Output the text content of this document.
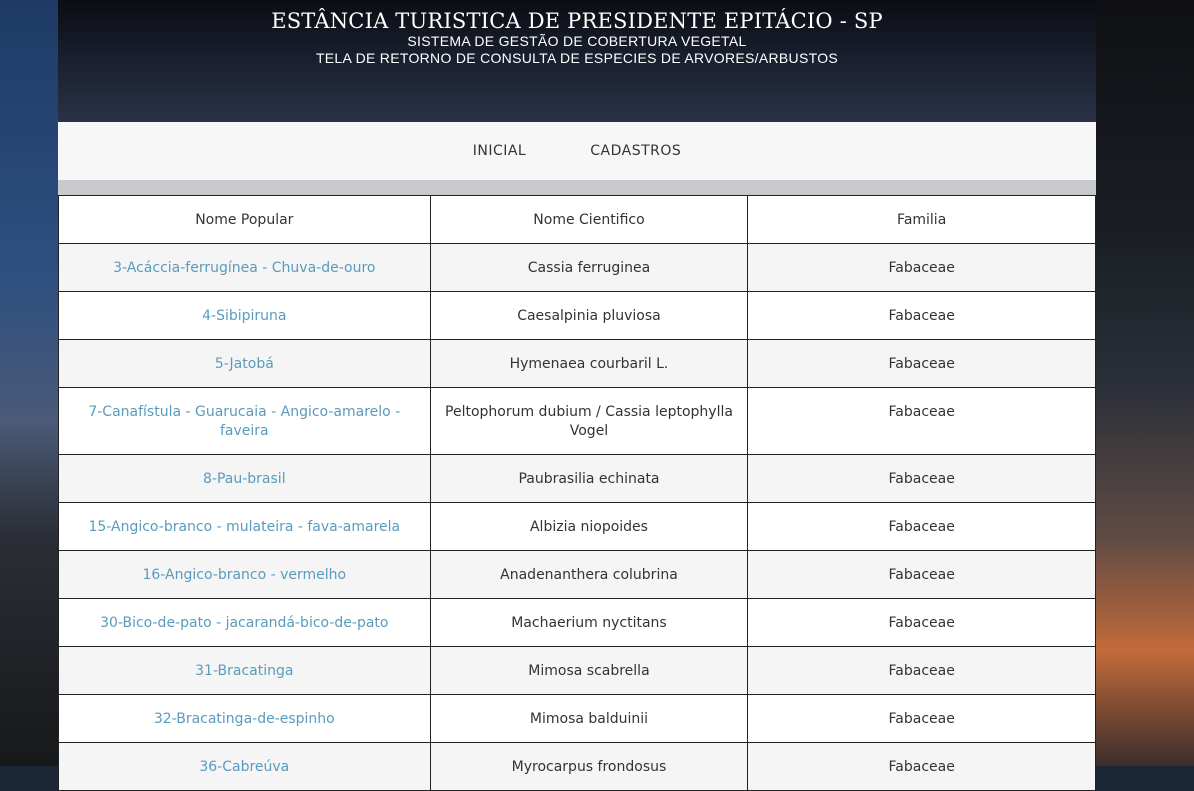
ESTÂNCIA TURISTICA DE PRESIDENTE EPITÁCIO - SP
SISTEMA DE GESTÃO DE COBERTURA VEGETAL
TELA DE RETORNO DE CONSULTA DE ESPECIES DE ARVORES/ARBUSTOS
INICIAL	CADASTROS
Nome Popular	Nome Cientifico	Familia
3-Acáccia-ferrugínea - Chuva-de-ouro	Cassia ferruginea	Fabaceae
4-Sibipiruna	Caesalpinia pluviosa	Fabaceae
5-Jatobá	Hymenaea courbaril L.	Fabaceae
7-Canafístula - Guarucaia - Angico-amarelo - faveira	Peltophorum dubium / Cassia leptophylla Vogel	Fabaceae
8-Pau-brasil	Paubrasilia echinata	Fabaceae
15-Angico-branco - mulateira - fava-amarela	Albizia niopoides	Fabaceae
16-Angico-branco - vermelho	Anadenanthera colubrina	Fabaceae
30-Bico-de-pato - jacarandá-bico-de-pato	Machaerium nyctitans	Fabaceae
31-Bracatinga	Mimosa scabrella	Fabaceae
32-Bracatinga-de-espinho	Mimosa balduinii	Fabaceae
36-Cabreúva	Myrocarpus frondosus	Fabaceae
